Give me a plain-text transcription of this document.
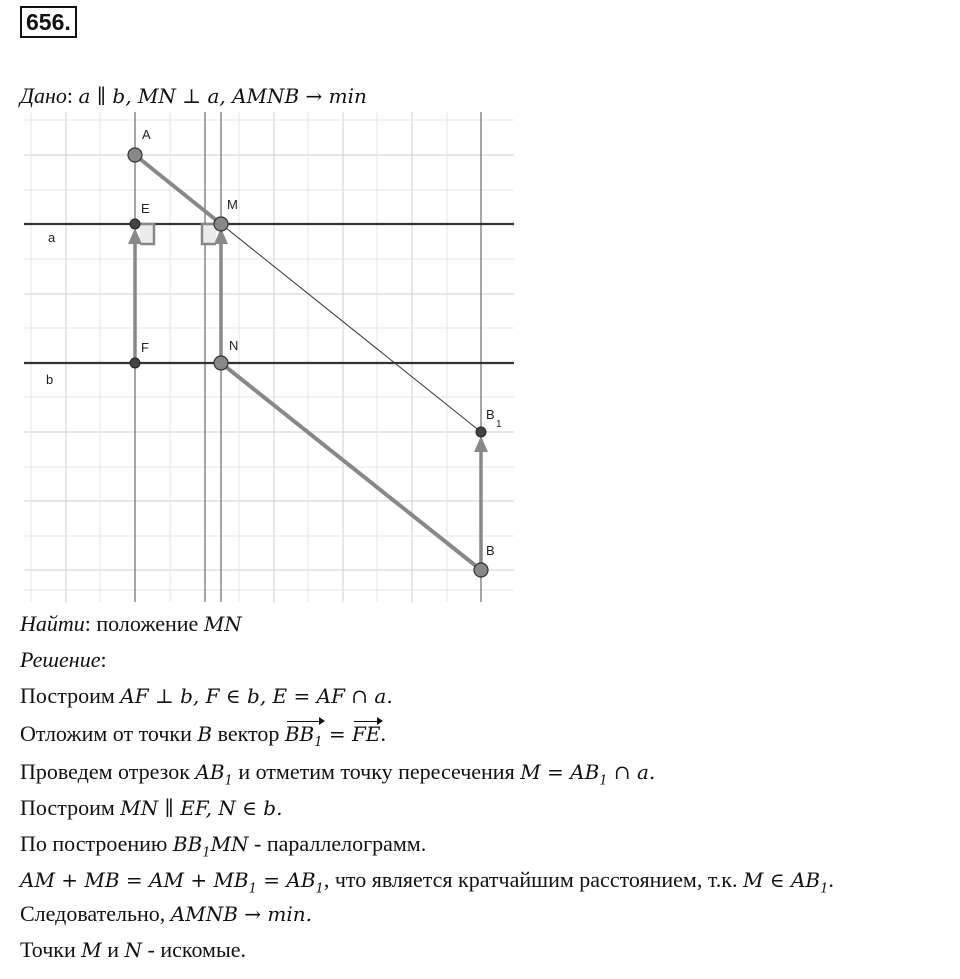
656.
Дано: a ∥ b, MN ⊥ a, AMNB → min
A
E	M
F	N
B
1
B
a
b
Найти: положение MN
Решение:
Построим AF ⊥ b, F ∈ b, E = AF ∩ a.
Отложим от точки B вектор $BB_1$ = FE.
Проведем отрезок $AB_1$ и отметим точку пересечения $M = AB_1$ ∩ a.
Построим MN ∥ EF, N ∈ b.
По построению $BB_1MN$ - параллелограмм.
AM + MB = AM + $MB_1 = AB_1$, что является кратчайшим расстоянием, т.к. M ∈ $AB_1$.
Следовательно, AMNB → min.
Точки M и N - искомые.
